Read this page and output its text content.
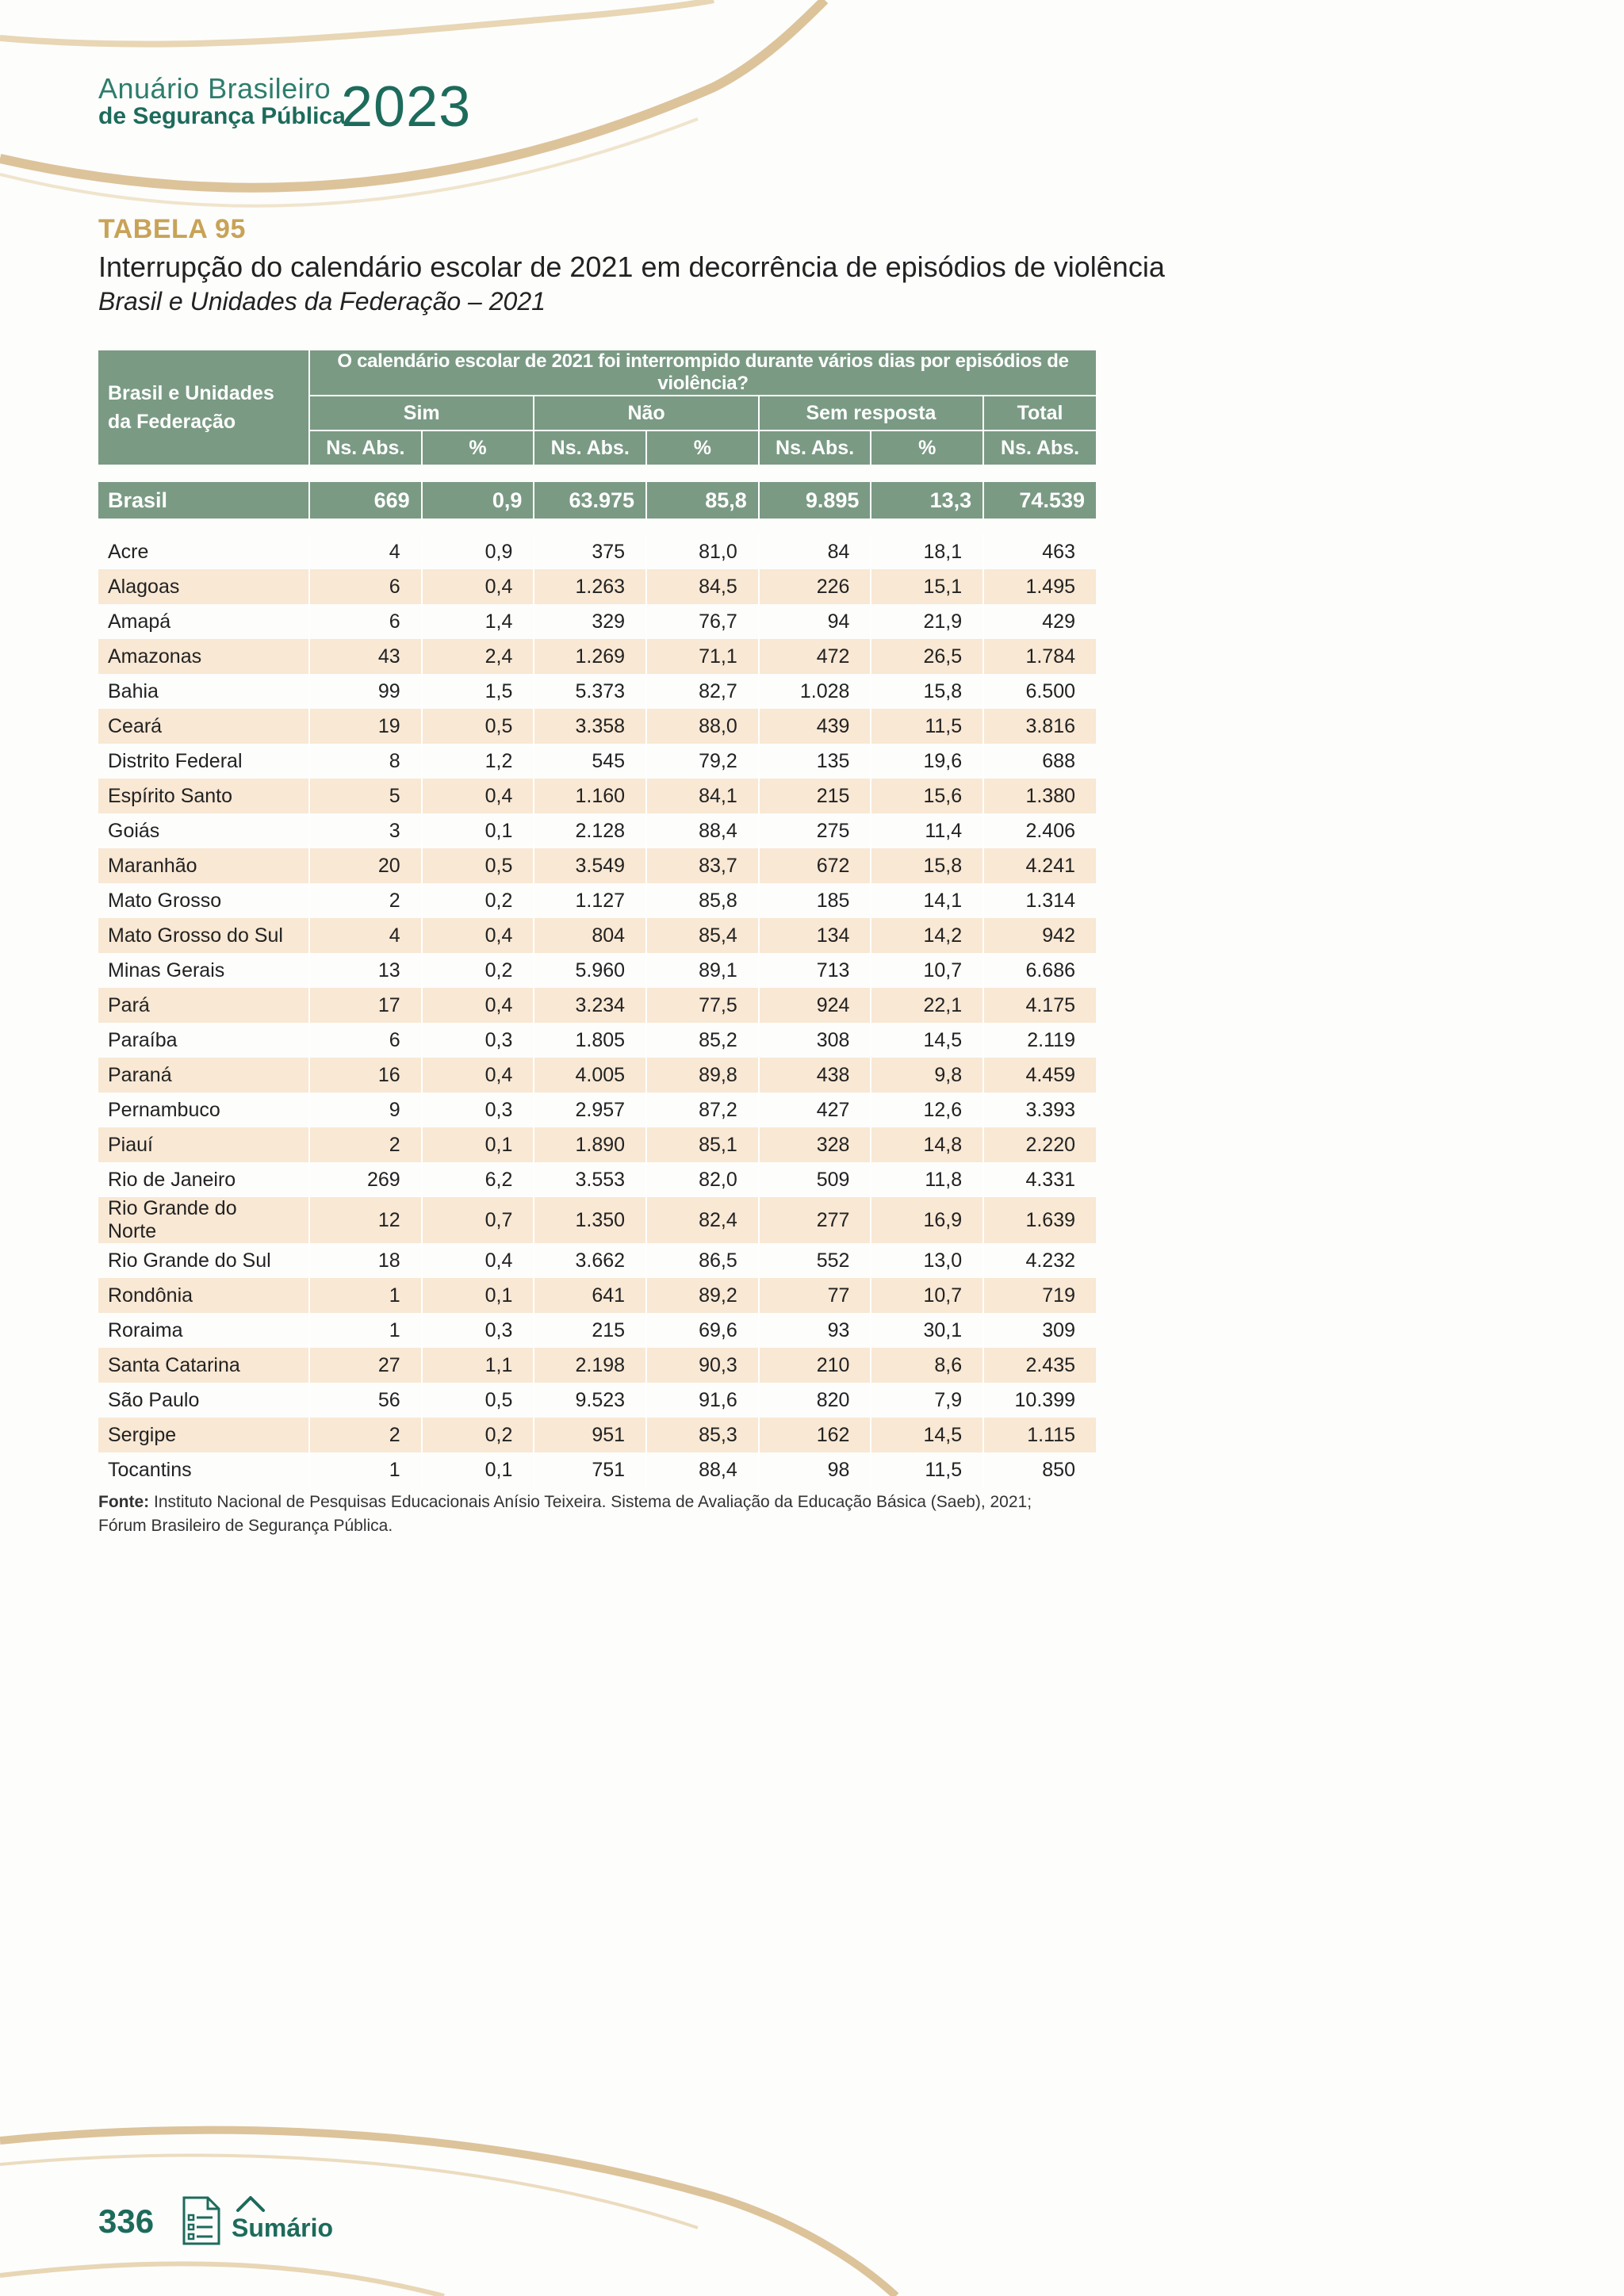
Anuário Brasileiro
de Segurança Pública
2023
TABELA 95
Interrupção do calendário escolar de 2021 em decorrência de episódios de violência
Brasil e Unidades da Federação – 2021
Brasil e Unidades da Federação	O calendário escolar de 2021 foi interrompido durante vários dias por episódios de violência?						
	Sim		Não		Sem resposta		Total
	Ns. Abs.	%	Ns. Abs.	%	Ns. Abs.	%	Ns. Abs.

Brasil	669	0,9	63.975	85,8	9.895	13,3	74.539

Acre	4	0,9	375	81,0	84	18,1	463
Alagoas	6	0,4	1.263	84,5	226	15,1	1.495
Amapá	6	1,4	329	76,7	94	21,9	429
Amazonas	43	2,4	1.269	71,1	472	26,5	1.784
Bahia	99	1,5	5.373	82,7	1.028	15,8	6.500
Ceará	19	0,5	3.358	88,0	439	11,5	3.816
Distrito Federal	8	1,2	545	79,2	135	19,6	688
Espírito Santo	5	0,4	1.160	84,1	215	15,6	1.380
Goiás	3	0,1	2.128	88,4	275	11,4	2.406
Maranhão	20	0,5	3.549	83,7	672	15,8	4.241
Mato Grosso	2	0,2	1.127	85,8	185	14,1	1.314
Mato Grosso do Sul	4	0,4	804	85,4	134	14,2	942
Minas Gerais	13	0,2	5.960	89,1	713	10,7	6.686
Pará	17	0,4	3.234	77,5	924	22,1	4.175
Paraíba	6	0,3	1.805	85,2	308	14,5	2.119
Paraná	16	0,4	4.005	89,8	438	9,8	4.459
Pernambuco	9	0,3	2.957	87,2	427	12,6	3.393
Piauí	2	0,1	1.890	85,1	328	14,8	2.220
Rio de Janeiro	269	6,2	3.553	82,0	509	11,8	4.331
Rio Grande do Norte	12	0,7	1.350	82,4	277	16,9	1.639
Rio Grande do Sul	18	0,4	3.662	86,5	552	13,0	4.232
Rondônia	1	0,1	641	89,2	77	10,7	719
Roraima	1	0,3	215	69,6	93	30,1	309
Santa Catarina	27	1,1	2.198	90,3	210	8,6	2.435
São Paulo	56	0,5	9.523	91,6	820	7,9	10.399
Sergipe	2	0,2	951	85,3	162	14,5	1.115
Tocantins	1	0,1	751	88,4	98	11,5	850
Fonte: Instituto Nacional de Pesquisas Educacionais Anísio Teixeira. Sistema de Avaliação da Educação Básica (Saeb), 2021;
Fórum Brasileiro de Segurança Pública.
336	Sumário
